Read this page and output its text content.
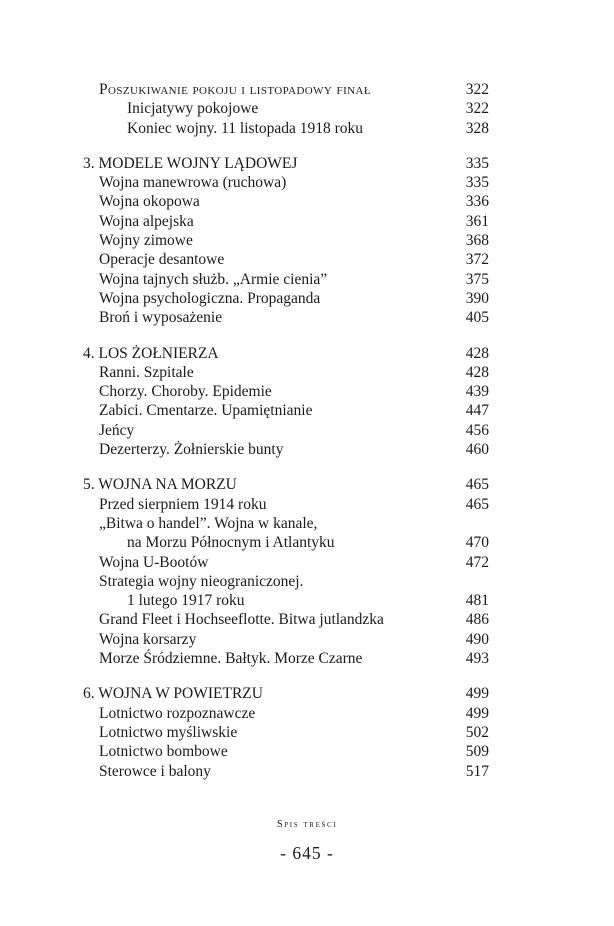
Poszukiwanie pokoju i listopadowy finał	322
Inicjatywy pokojowe	322
Koniec wojny. 11 listopada 1918 roku	328
3. MODELE WOJNY LĄDOWEJ	335
Wojna manewrowa (ruchowa)	335
Wojna okopowa	336
Wojna alpejska	361
Wojny zimowe	368
Operacje desantowe	372
Wojna tajnych służb. „Armie cienia”	375
Wojna psychologiczna. Propaganda	390
Broń i wyposażenie	405
4. LOS ŻOŁNIERZA	428
Ranni. Szpitale	428
Chorzy. Choroby. Epidemie	439
Zabici. Cmentarze. Upamiętnianie	447
Jeńcy	456
Dezerterzy. Żołnierskie bunty	460
5. WOJNA NA MORZU	465
Przed sierpniem 1914 roku	465
„Bitwa o handel”. Wojna w kanale,
na Morzu Północnym i Atlantyku	470
Wojna U-Bootów	472
Strategia wojny nieograniczonej.
1 lutego 1917 roku	481
Grand Fleet i Hochseeflotte. Bitwa jutlandzka	486
Wojna korsarzy	490
Morze Śródziemne. Bałtyk. Morze Czarne	493
6. WOJNA W POWIETRZU	499
Lotnictwo rozpoznawcze	499
Lotnictwo myśliwskie	502
Lotnictwo bombowe	509
Sterowce i balony	517
Spis treści
- 645 -
